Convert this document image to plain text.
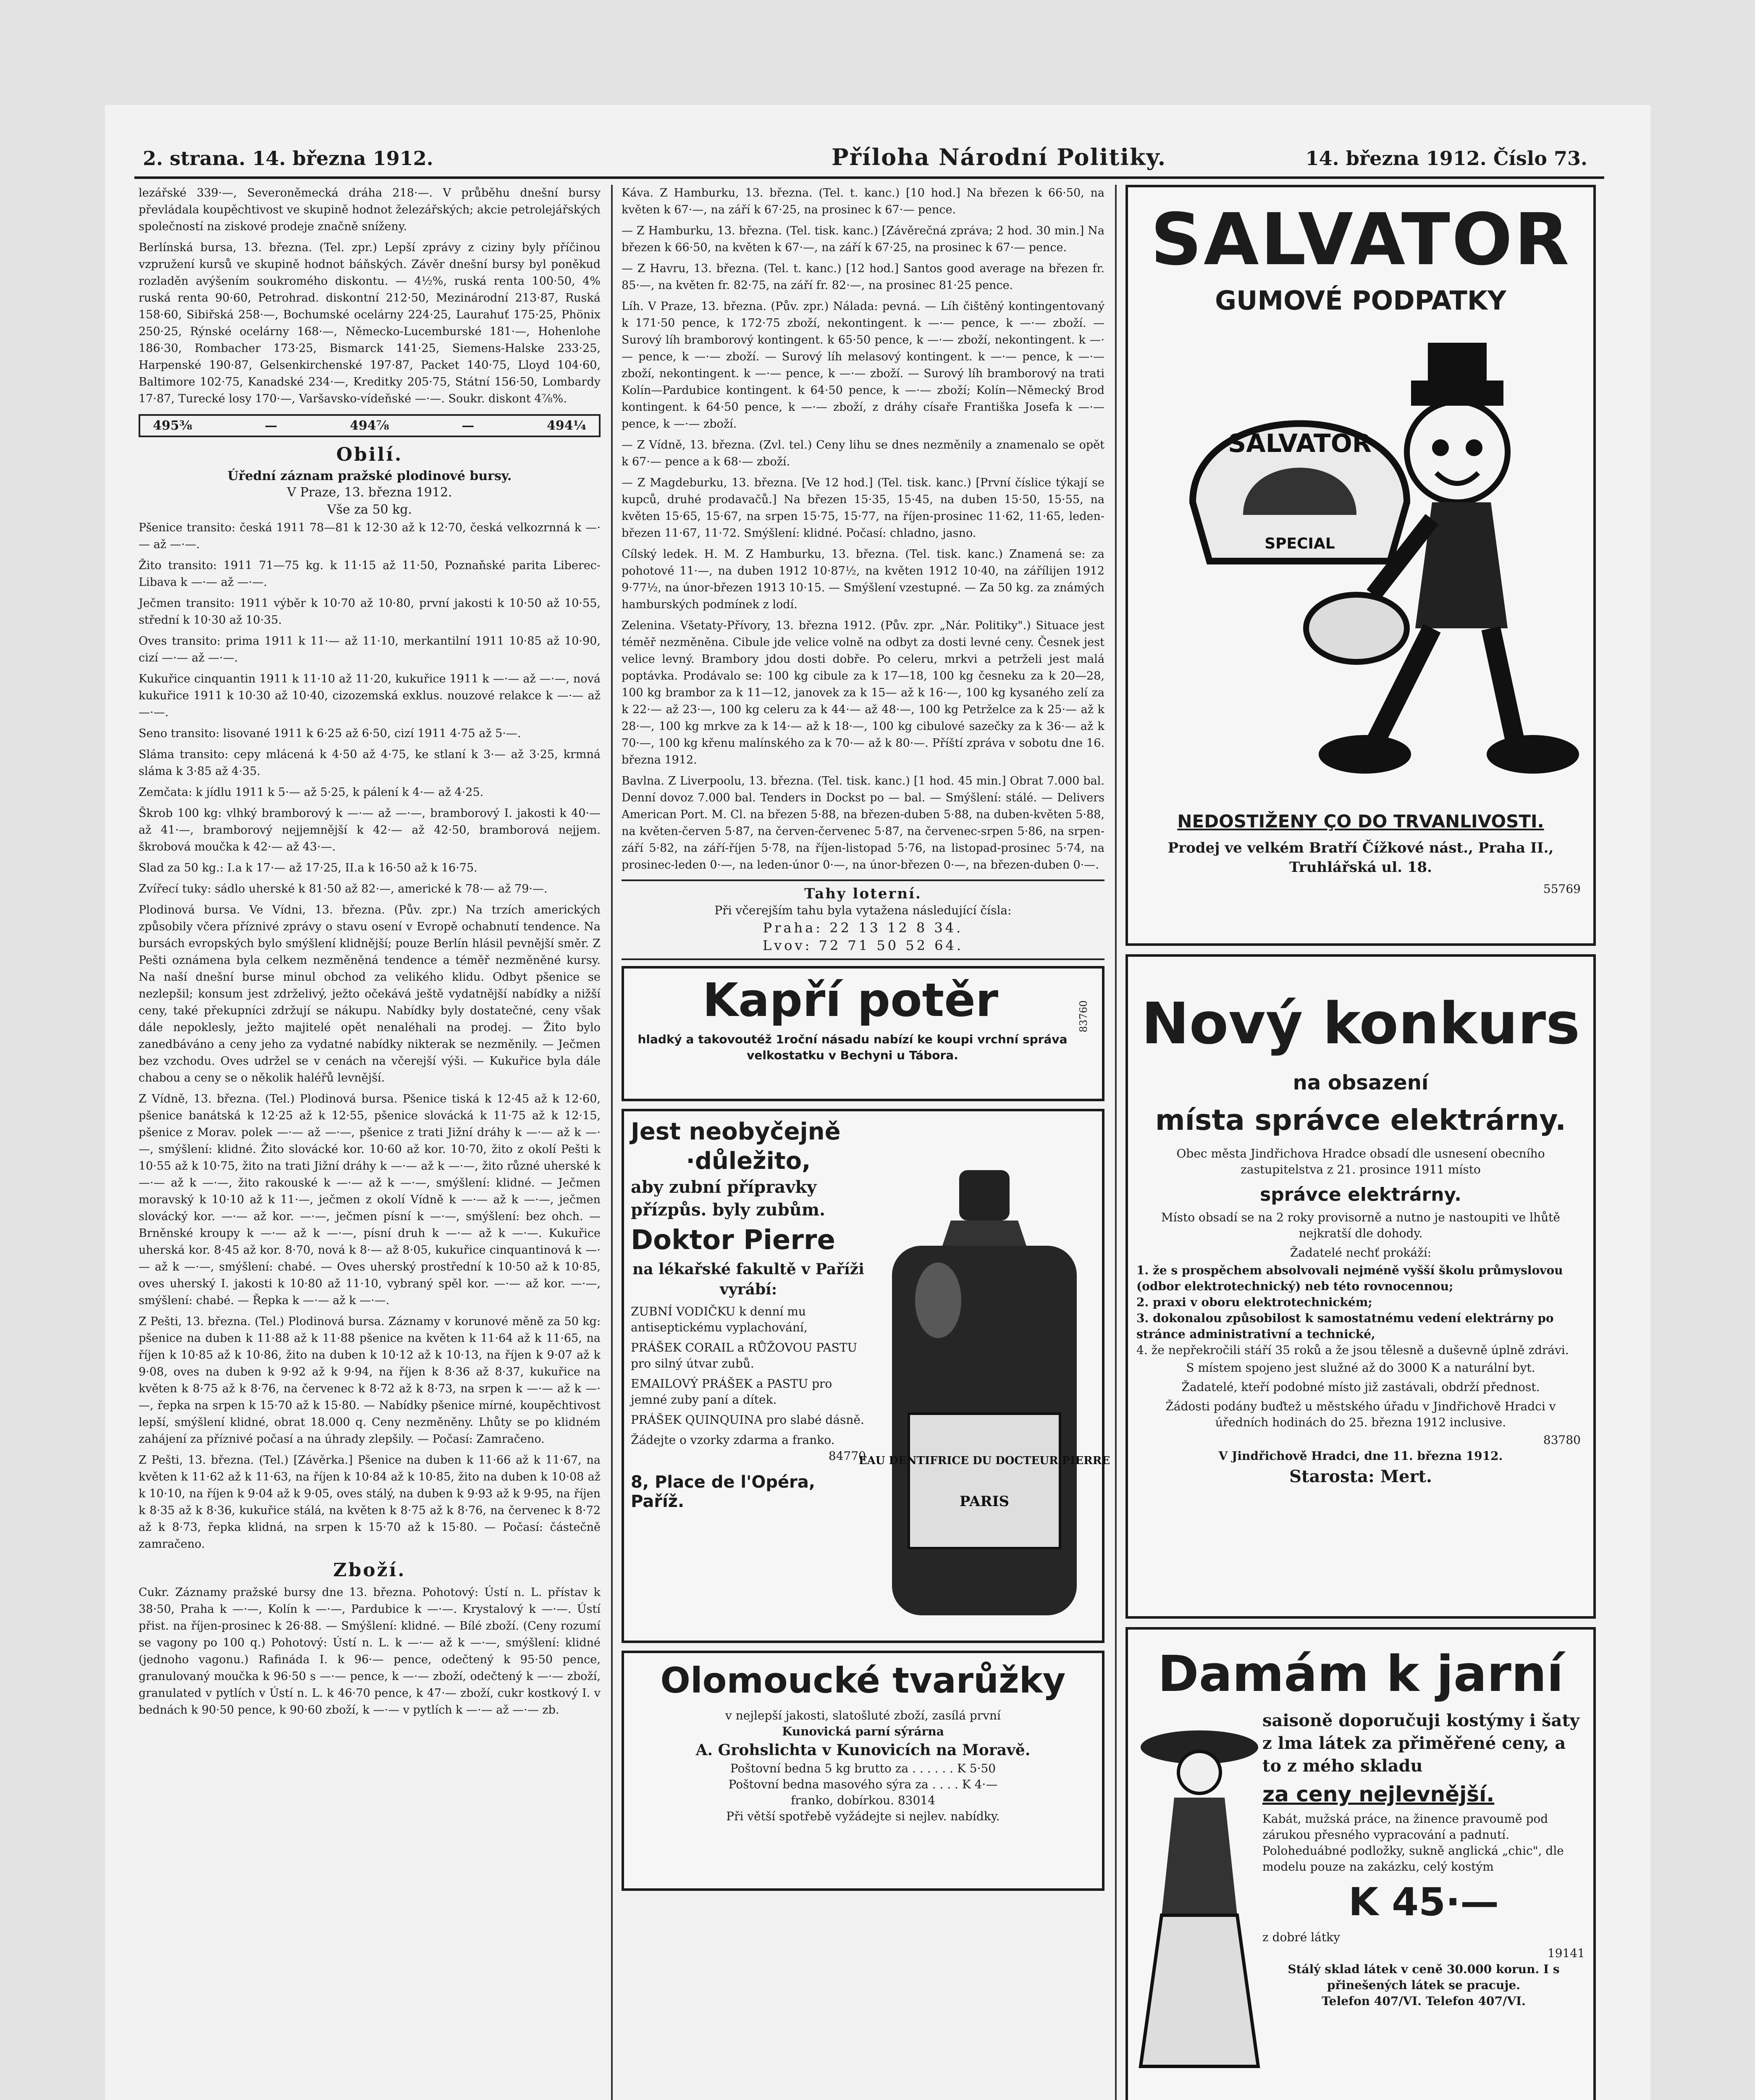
2. strana. 14. března 1912.	Příloha Národní Politiky.	14. března 1912. Číslo 73.

lezářské 339·—, Severoněmecká dráha 218·—. V průběhu dnešní bursy převládala koupěchtivost ve skupině hodnot železářských; akcie petrolejářských společností na ziskové prodeje značně sníženy.

Berlínská bursa, 13. března. (Tel. zpr.) Lepší zprávy z ciziny byly příčinou vzpružení kursů ve skupině hodnot báňských. Závěr dnešní bursy byl poněkud rozladěn avýšením soukromého diskontu. — 4½%, ruská renta 100·50, 4% ruská renta 90·60, Petrohrad. diskontní 212·50, Mezinárodní 213·87, Ruská 158·60, Sibiřská 258·—, Bochumské ocelárny 224·25, Laurahuť 175·25, Phönix 250·25, Rýnské ocelárny 168·—, Německo-Lucemburské 181·—, Hohenlohe 186·30, Rombacher 173·25, Bismarck 141·25, Siemens-Halske 233·25, Harpenské 190·87, Gelsenkirchenské 197·87, Packet 140·75, Lloyd 104·60, Baltimore 102·75, Kanadské 234·—, Kreditky 205·75, Státní 156·50, Lombardy 17·87, Turecké losy 170·—, Varšavsko-vídeňské —·—. Soukr. diskont 4⅞%.

495⅜	—	494⅞	—	494¼
Obilí.
Úřední záznam pražské plodinové bursy.
V Praze, 13. března 1912.
Vše za 50 kg.

Pšenice transito: česká 1911 78—81 k 12·30 až k 12·70, česká velkozrnná k —·— až —·—.

Žito transito: 1911 71—75 kg. k 11·15 až 11·50, Poznaňské parita Liberec-Libava k —·— až —·—.

Ječmen transito: 1911 výběr k 10·70 až 10·80, první jakosti k 10·50 až 10·55, střední k 10·30 až 10·35.

Oves transito: prima 1911 k 11·— až 11·10, merkantilní 1911 10·85 až 10·90, cizí —·— až —·—.

Kukuřice cinquantin 1911 k 11·10 až 11·20, kukuřice 1911 k —·— až —·—, nová kukuřice 1911 k 10·30 až 10·40, cizozemská exklus. nouzové relakce k —·— až —·—.

Seno transito: lisované 1911 k 6·25 až 6·50, cizí 1911 4·75 až 5·—.

Sláma transito: cepy mlácená k 4·50 až 4·75, ke stlaní k 3·— až 3·25, krmná sláma k 3·85 až 4·35.

Zemčata: k jídlu 1911 k 5·— až 5·25, k pálení k 4·— až 4·25.

Škrob 100 kg: vlhký bramborový k —·— až —·—, bramborový I. jakosti k 40·— až 41·—, bramborový nejjemnější k 42·— až 42·50, bramborová nejjem. škrobová moučka k 42·— až 43·—.

Slad za 50 kg.: I.a k 17·— až 17·25, II.a k 16·50 až k 16·75.

Zvířecí tuky: sádlo uherské k 81·50 až 82·—, americké k 78·— až 79·—.

Plodinová bursa. Ve Vídni, 13. března. (Pův. zpr.) Na trzích amerických způsobily včera příznivé zprávy o stavu osení v Evropě ochabnutí tendence. Na bursách evropských bylo smýšlení klidnější; pouze Berlín hlásil pevnější směr. Z Pešti oznámena byla celkem nezměněná tendence a téměř nezměněné kursy. Na naší dnešní burse minul obchod za velikého klidu. Odbyt pšenice se nezlepšil; konsum jest zdrželivý, ježto očekává ještě vydatnější nabídky a nižší ceny, také překupníci zdržují se nákupu. Nabídky byly dostatečné, ceny však dále nepoklesly, ježto majitelé opět nenaléhali na prodej. — Žito bylo zanedbáváno a ceny jeho za vydatné nabídky nikterak se nezměnily. — Ječmen bez vzchodu. Oves udržel se v cenách na včerejší výši. — Kukuřice byla dále chabou a ceny se o několik haléřů levnější.

Z Vídně, 13. března. (Tel.) Plodinová bursa. Pšenice tiská k 12·45 až k 12·60, pšenice banátská k 12·25 až k 12·55, pšenice slovácká k 11·75 až k 12·15, pšenice z Morav. polek —·— až —·—, pšenice z trati Jižní dráhy k —·— až k —·—, smýšlení: klidné. Žito slovácké kor. 10·60 až kor. 10·70, žito z okolí Pešti k 10·55 až k 10·75, žito na trati Jižní dráhy k —·— až k —·—, žito různé uherské k —·— až k —·—, žito rakouské k —·— až k —·—, smýšlení: klidné. — Ječmen moravský k 10·10 až k 11·—, ječmen z okolí Vídně k —·— až k —·—, ječmen slovácký kor. —·— až kor. —·—, ječmen písní k —·—, smýšlení: bez ohch. — Brněnské kroupy k —·— až k —·—, písní druh k —·— až k —·—. Kukuřice uherská kor. 8·45 až kor. 8·70, nová k 8·— až 8·05, kukuřice cinquantinová k —·— až k —·—, smýšlení: chabé. — Oves uherský prostřední k 10·50 až k 10·85, oves uherský I. jakosti k 10·80 až 11·10, vybraný spěl kor. —·— až kor. —·—, smýšlení: chabé. — Řepka k —·— až k —·—.

Z Pešti, 13. března. (Tel.) Plodinová bursa. Záznamy v korunové měně za 50 kg: pšenice na duben k 11·88 až k 11·88 pšenice na květen k 11·64 až k 11·65, na říjen k 10·85 až k 10·86, žito na duben k 10·12 až k 10·13, na říjen k 9·07 až k 9·08, oves na duben k 9·92 až k 9·94, na říjen k 8·36 až 8·37, kukuřice na květen k 8·75 až k 8·76, na červenec k 8·72 až k 8·73, na srpen k —·— až k —·—, řepka na srpen k 15·70 až k 15·80. — Nabídky pšenice mírné, koupěchtivost lepší, smýšlení klidné, obrat 18.000 q. Ceny nezměněny. Lhůty se po klidném zahájení za příznivé počasí a na úhrady zlepšily. — Počasí: Zamračeno.

Z Pešti, 13. března. (Tel.) [Závěrka.] Pšenice na duben k 11·66 až k 11·67, na květen k 11·62 až k 11·63, na říjen k 10·84 až k 10·85, žito na duben k 10·08 až k 10·10, na říjen k 9·04 až k 9·05, oves stálý, na duben k 9·93 až k 9·95, na říjen k 8·35 až k 8·36, kukuřice stálá, na květen k 8·75 až k 8·76, na červenec k 8·72 až k 8·73, řepka klidná, na srpen k 15·70 až k 15·80. — Počasí: částečně zamračeno.

Zboží.

Cukr. Záznamy pražské bursy dne 13. března. Pohotový: Ústí n. L. přístav k 38·50, Praha k —·—, Kolín k —·—, Pardubice k —·—. Krystalový k —·—. Ústí přist. na říjen-prosinec k 26·88. — Smýšlení: klidné. — Bílé zboží. (Ceny rozumí se vagony po 100 q.) Pohotový: Ústí n. L. k —·— až k —·—, smýšlení: klidné (jednoho vagonu.) Rafináda I. k 96·— pence, odečtený k 95·50 pence, granulovaný moučka k 96·50 s —·— pence, k —·— zboží, odečtený k —·— zboží, granulated v pytlích v Ústí n. L. k 46·70 pence, k 47·— zboží, cukr kostkový I. v bednách k 90·50 pence, k 90·60 zboží, k —·— v pytlích k —·— až —·— zb.

Káva. Z Hamburku, 13. března. (Tel. t. kanc.) [10 hod.] Na březen k 66·50, na květen k 67·—, na září k 67·25, na prosinec k 67·— pence.

— Z Hamburku, 13. března. (Tel. tisk. kanc.) [Závěrečná zpráva; 2 hod. 30 min.] Na březen k 66·50, na květen k 67·—, na září k 67·25, na prosinec k 67·— pence.

— Z Havru, 13. března. (Tel. t. kanc.) [12 hod.] Santos good average na březen fr. 85·—, na květen fr. 82·75, na září fr. 82·—, na prosinec 81·25 pence.

Líh. V Praze, 13. března. (Pův. zpr.) Nálada: pevná. — Líh čištěný kontingentovaný k 171·50 pence, k 172·75 zboží, nekontingent. k —·— pence, k —·— zboží. — Surový líh bramborový kontingent. k 65·50 pence, k —·— zboží, nekontingent. k —·— pence, k —·— zboží. — Surový líh melasový kontingent. k —·— pence, k —·— zboží, nekontingent. k —·— pence, k —·— zboží. — Surový líh bramborový na trati Kolín—Pardubice kontingent. k 64·50 pence, k —·— zboží; Kolín—Německý Brod kontingent. k 64·50 pence, k —·— zboží, z dráhy císaře Františka Josefa k —·— pence, k —·— zboží.

— Z Vídně, 13. března. (Zvl. tel.) Ceny lihu se dnes nezměnily a znamenalo se opět k 67·— pence a k 68·— zboží.

— Z Magdeburku, 13. března. [Ve 12 hod.] (Tel. tisk. kanc.) [První číslice týkají se kupců, druhé prodavačů.] Na březen 15·35, 15·45, na duben 15·50, 15·55, na květen 15·65, 15·67, na srpen 15·75, 15·77, na říjen-prosinec 11·62, 11·65, leden-březen 11·67, 11·72. Smýšlení: klidné. Počasí: chladno, jasno.

Cílský ledek. H. M. Z Hamburku, 13. března. (Tel. tisk. kanc.) Znamená se: za pohotové 11·—, na duben 1912 10·87½, na květen 1912 10·40, na zářílijen 1912 9·77½, na únor-březen 1913 10·15. — Smýšlení vzestupné. — Za 50 kg. za známých hamburských podmínek z lodí.

Zelenina. Všetaty-Přívory, 13. března 1912. (Pův. zpr. „Nár. Politiky".) Situace jest téměř nezměněna. Cibule jde velice volně na odbyt za dosti levné ceny. Česnek jest velice levný. Brambory jdou dosti dobře. Po celeru, mrkvi a petrželi jest malá poptávka. Prodávalo se: 100 kg cibule za k 17—18, 100 kg česneku za k 20—28, 100 kg brambor za k 11—12, janovek za k 15— až k 16·—, 100 kg kysaného zelí za k 22·— až 23·—, 100 kg celeru za k 44·— až 48·—, 100 kg Petrželce za k 25·— až k 28·—, 100 kg mrkve za k 14·— až k 18·—, 100 kg cibulové sazečky za k 36·— až k 70·—, 100 kg křenu malínského za k 70·— až k 80·—. Příští zpráva v sobotu dne 16. března 1912.

Bavlna. Z Liverpoolu, 13. března. (Tel. tisk. kanc.) [1 hod. 45 min.] Obrat 7.000 bal. Denní dovoz 7.000 bal. Tenders in Dockst po — bal. — Smýšlení: stálé. — Delivers American Port. M. Cl. na březen 5·88, na březen-duben 5·88, na duben-květen 5·88, na květen-červen 5·87, na červen-červenec 5·87, na červenec-srpen 5·86, na srpen-září 5·82, na září-říjen 5·78, na říjen-listopad 5·76, na listopad-prosinec 5·74, na prosinec-leden 0·—, na leden-únor 0·—, na únor-březen 0·—, na březen-duben 0·—.

Tahy loterní.
Při včerejším tahu byla vytažena následující čísla:
Praha: 22 13 12 8 34.
Lvov: 72 71 50 52 64.
Kapří potěr
hladký a takovoutéž 1roční násadu nabízí ke koupi vrchní správa velkostatku v Bechyni u Tábora.
83760
Jest neobyčejně
·důležito,
aby zubní přípravky přízpůs. byly zubům.
Doktor Pierre
na lékařské fakultě v Paříži vyrábí:
ZUBNÍ VODIČKU k denní mu antiseptickému vyplachování,
PRÁŠEK CORAIL a RŮŽOVOU PASTU pro silný útvar zubů.
EMAILOVÝ PRÁŠEK a PASTU pro jemné zuby paní a dítek.
PRÁŠEK QUINQUINA pro slabé dásně.
Žádejte o vzorky zdarma a franko.
84770
8, Place de l'Opéra, Paříž.
EAU DENTIFRICE DU DOCTEUR PIERRE
PARIS
Olomoucké tvarůžky
v nejlepší jakosti, slatošluté zboží, zasílá první
Kunovická parní sýrárna
A. Grohslichta v Kunovicích na Moravě.
Poštovní bedna 5 kg brutto za . . . . . . K 5·50
Poštovní bedna masového sýra za . . . . K 4·—
franko, dobírkou. 83014
Při větší spotřebě vyžádejte si nejlev. nabídky.
SALVATOR
GUMOVÉ PODPATKY
SALVATOR
SPECIAL
NEDOSTIŽENY ÇO DO TRVANLIVOSTI.
Prodej ve velkém Bratří Čížkové nást., Praha II., Truhlářská ul. 18.
55769
Nový konkurs
na obsazení
místa správce elektrárny.
Obec města Jindřichova Hradce obsadí dle usnesení obecního zastupitelstva z 21. prosince 1911 místo
správce elektrárny.
Místo obsadí se na 2 roky provisorně a nutno je nastoupiti ve lhůtě nejkratší dle dohody.
Žadatelé nechť prokáží:
1. že s prospěchem absolvovali nejméně vyšší školu průmyslovou (odbor elektrotechnický) neb této rovnocennou;
2. praxi v oboru elektrotechnickém;
3. dokonalou způsobilost k samostatnému vedení elektrárny po stránce administrativní a technické,
4. že nepřekročili stáří 35 roků a že jsou tělesně a duševně úplně zdrávi.
S místem spojeno jest služné až do 3000 K a naturální byt.
Žadatelé, kteří podobné místo již zastávali, obdrží přednost.
Žádosti podány buďtež u městského úřadu v Jindřichově Hradci v úředních hodinách do 25. března 1912 inclusive.
83780
V Jindřichově Hradci, dne 11. března 1912.
Starosta: Mert.
Damám k jarní
saisoně doporučuji kostýmy i šaty z lma látek za přiměřené ceny, a to z mého skladu
za ceny nejlevnější.
Kabát, mužská práce, na žinence pravoumě pod zárukou přesného vypracování a padnutí. Poloheduábné podložky, sukně anglická „chic", dle modelu pouze na zakázku, celý kostým
K 45·—
z dobré látky
19141
Stálý sklad látek v ceně 30.000 korun. I s přinešených látek se pracuje.
Telefon 407/VI. Telefon 407/VI.
